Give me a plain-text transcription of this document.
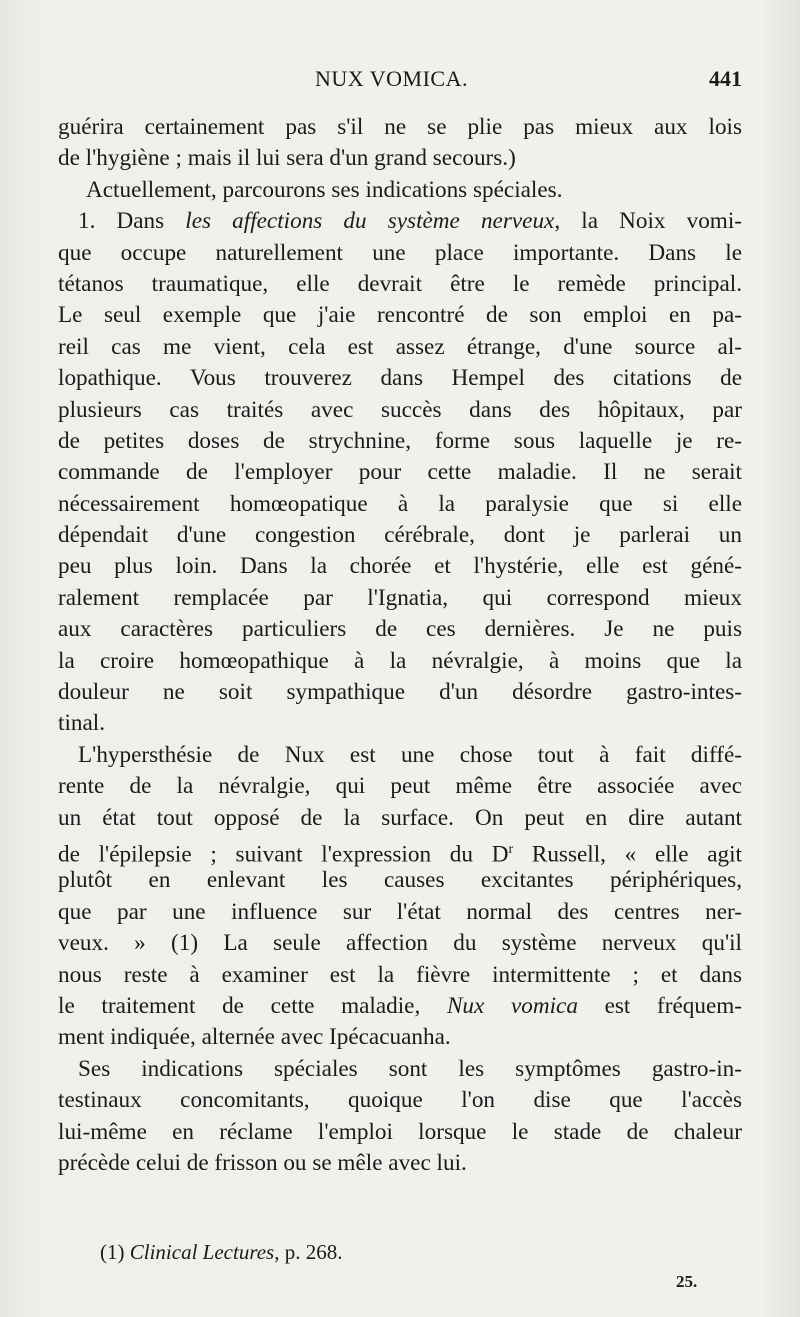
NUX VOMICA.	441
guérira certainement pas s'il ne se plie pas mieux aux lois
de l'hygiène ; mais il lui sera d'un grand secours.)
Actuellement, parcourons ses indications spéciales.
1. Dans les affections du système nerveux, la Noix vomi-
que occupe naturellement une place importante. Dans le
tétanos traumatique, elle devrait être le remède principal.
Le seul exemple que j'aie rencontré de son emploi en pa-
reil cas me vient, cela est assez étrange, d'une source al-
lopathique. Vous trouverez dans Hempel des citations de
plusieurs cas traités avec succès dans des hôpitaux, par
de petites doses de strychnine, forme sous laquelle je re-
commande de l'employer pour cette maladie. Il ne serait
nécessairement homœopatique à la paralysie que si elle
dépendait d'une congestion cérébrale, dont je parlerai un
peu plus loin. Dans la chorée et l'hystérie, elle est géné-
ralement remplacée par l'Ignatia, qui correspond mieux
aux caractères particuliers de ces dernières. Je ne puis
la croire homœopathique à la névralgie, à moins que la
douleur ne soit sympathique d'un désordre gastro-intes-
tinal.
L'hypersthésie de Nux est une chose tout à fait diffé-
rente de la névralgie, qui peut même être associée avec
un état tout opposé de la surface. On peut en dire autant
de l'épilepsie ; suivant l'expression du $D^r$ Russell, « elle agit
plutôt en enlevant les causes excitantes périphériques,
que par une influence sur l'état normal des centres ner-
veux. » (1) La seule affection du système nerveux qu'il
nous reste à examiner est la fièvre intermittente ; et dans
le traitement de cette maladie, Nux vomica est fréquem-
ment indiquée, alternée avec Ipécacuanha.
Ses indications spéciales sont les symptômes gastro-in-
testinaux concomitants, quoique l'on dise que l'accès
lui-même en réclame l'emploi lorsque le stade de chaleur
précède celui de frisson ou se mêle avec lui.
(1) Clinical Lectures, p. 268.
25.
